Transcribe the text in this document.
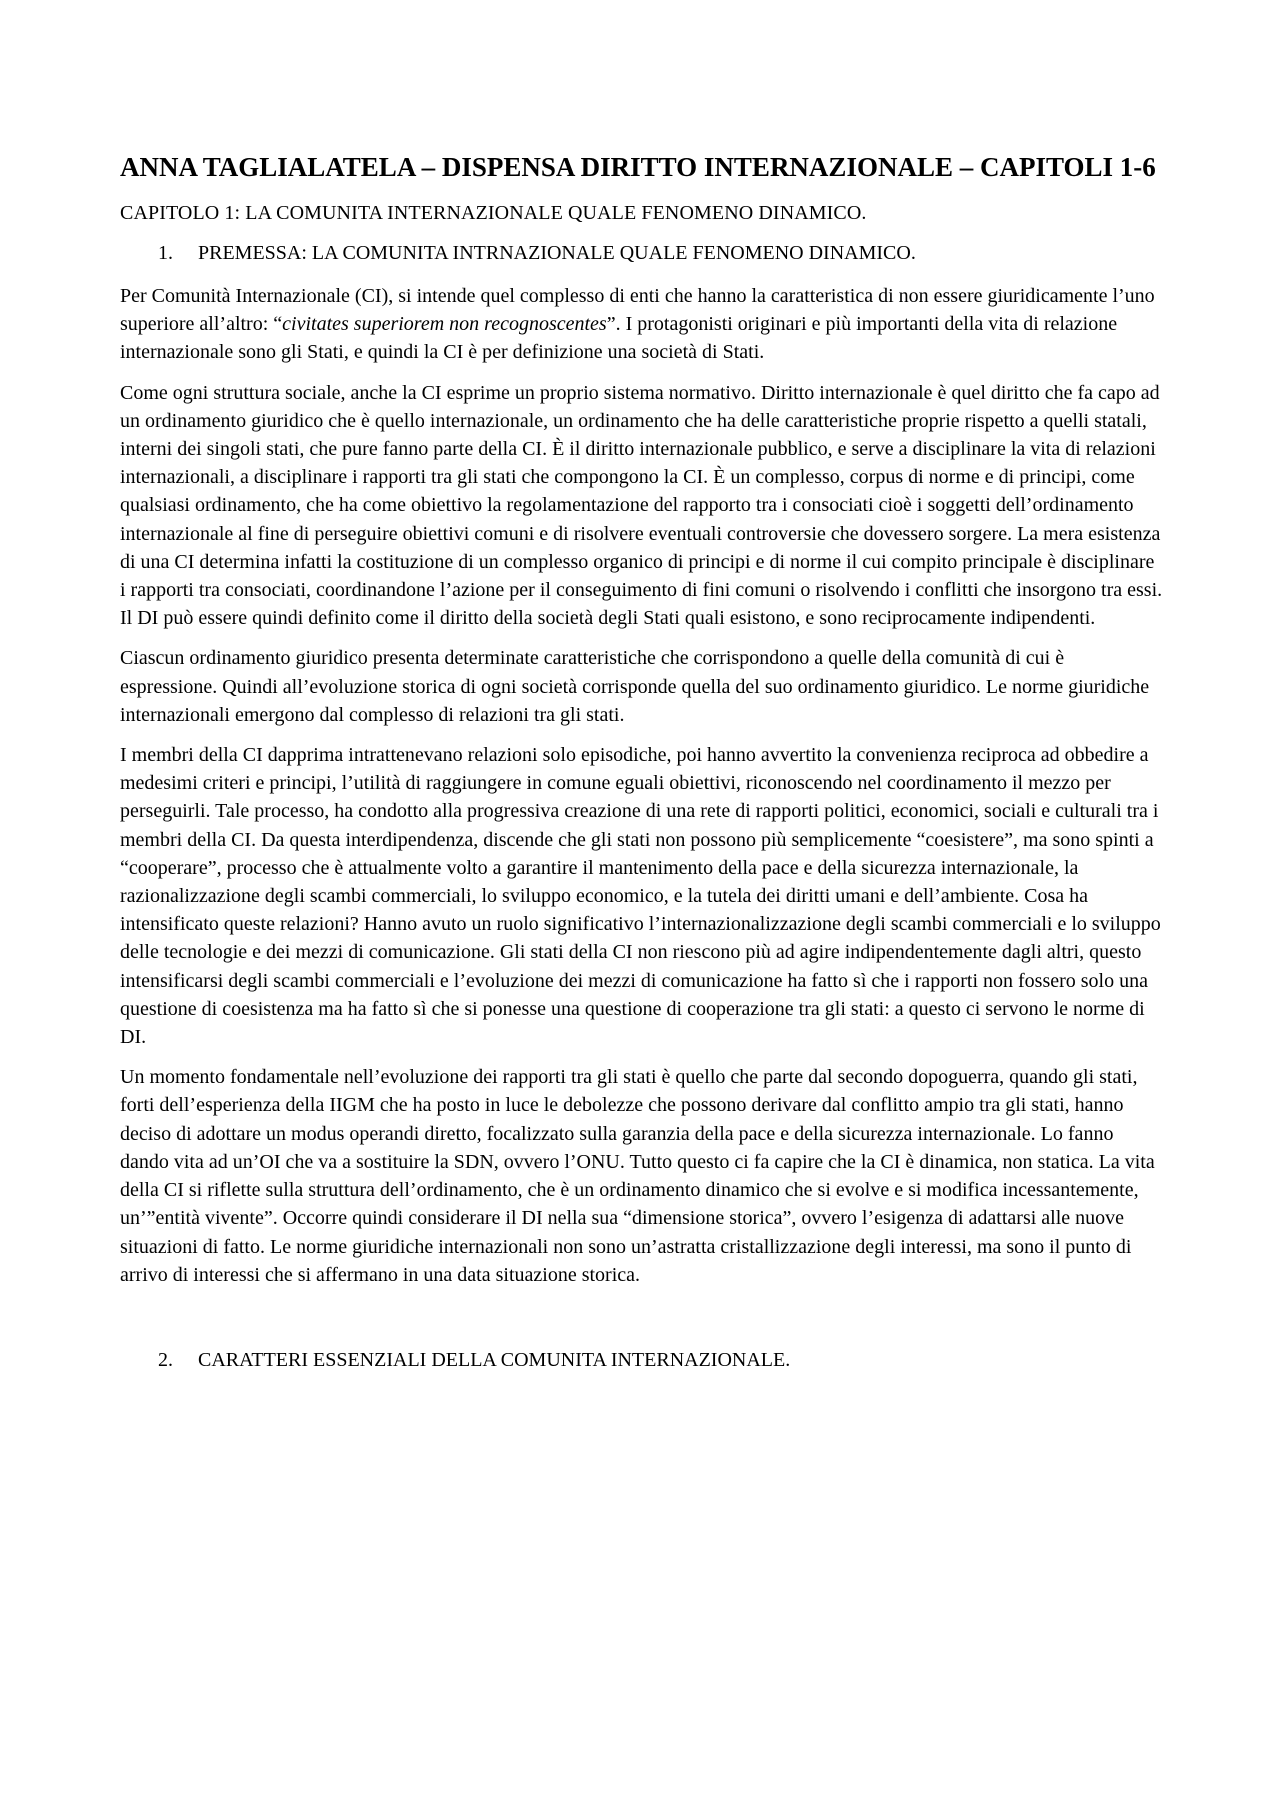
ANNA TAGLIALATELA – DISPENSA DIRITTO INTERNAZIONALE – CAPITOLI 1-6
CAPITOLO 1: LA COMUNITA INTERNAZIONALE QUALE FENOMENO DINAMICO.
1.	PREMESSA: LA COMUNITA INTRNAZIONALE QUALE FENOMENO DINAMICO.

Per Comunità Internazionale (CI), si intende quel complesso di enti che hanno la caratteristica di non essere giuridicamente l’uno superiore all’altro: “civitates superiorem non recognoscentes”. I protagonisti originari e più importanti della vita di relazione internazionale sono gli Stati, e quindi la CI è per definizione una società di Stati.

Come ogni struttura sociale, anche la CI esprime un proprio sistema normativo. Diritto internazionale è quel diritto che fa capo ad un ordinamento giuridico che è quello internazionale, un ordinamento che ha delle caratteristiche proprie rispetto a quelli statali, interni dei singoli stati, che pure fanno parte della CI. È il diritto internazionale pubblico, e serve a disciplinare la vita di relazioni internazionali, a disciplinare i rapporti tra gli stati che compongono la CI. È un complesso, corpus di norme e di principi, come qualsiasi ordinamento, che ha come obiettivo la regolamentazione del rapporto tra i consociati cioè i soggetti dell’ordinamento internazionale al fine di perseguire obiettivi comuni e di risolvere eventuali controversie che dovessero sorgere. La mera esistenza di una CI determina infatti la costituzione di un complesso organico di principi e di norme il cui compito principale è disciplinare i rapporti tra consociati, coordinandone l’azione per il conseguimento di fini comuni o risolvendo i conflitti che insorgono tra essi. Il DI può essere quindi definito come il diritto della società degli Stati quali esistono, e sono reciprocamente indipendenti.

Ciascun ordinamento giuridico presenta determinate caratteristiche che corrispondono a quelle della comunità di cui è espressione. Quindi all’evoluzione storica di ogni società corrisponde quella del suo ordinamento giuridico. Le norme giuridiche internazionali emergono dal complesso di relazioni tra gli stati.

I membri della CI dapprima intrattenevano relazioni solo episodiche, poi hanno avvertito la convenienza reciproca ad obbedire a medesimi criteri e principi, l’utilità di raggiungere in comune eguali obiettivi, riconoscendo nel coordinamento il mezzo per perseguirli. Tale processo, ha condotto alla progressiva creazione di una rete di rapporti politici, economici, sociali e culturali tra i membri della CI. Da questa interdipendenza, discende che gli stati non possono più semplicemente “coesistere”, ma sono spinti a “cooperare”, processo che è attualmente volto a garantire il mantenimento della pace e della sicurezza internazionale, la razionalizzazione degli scambi commerciali, lo sviluppo economico, e la tutela dei diritti umani e dell’ambiente. Cosa ha intensificato queste relazioni? Hanno avuto un ruolo significativo l’internazionalizzazione degli scambi commerciali e lo sviluppo delle tecnologie e dei mezzi di comunicazione. Gli stati della CI non riescono più ad agire indipendentemente dagli altri, questo intensificarsi degli scambi commerciali e l’evoluzione dei mezzi di comunicazione ha fatto sì che i rapporti non fossero solo una questione di coesistenza ma ha fatto sì che si ponesse una questione di cooperazione tra gli stati: a questo ci servono le norme di DI.

Un momento fondamentale nell’evoluzione dei rapporti tra gli stati è quello che parte dal secondo dopoguerra, quando gli stati, forti dell’esperienza della IIGM che ha posto in luce le debolezze che possono derivare dal conflitto ampio tra gli stati, hanno deciso di adottare un modus operandi diretto, focalizzato sulla garanzia della pace e della sicurezza internazionale. Lo fanno dando vita ad un’OI che va a sostituire la SDN, ovvero l’ONU. Tutto questo ci fa capire che la CI è dinamica, non statica. La vita della CI si riflette sulla struttura dell’ordinamento, che è un ordinamento dinamico che si evolve e si modifica incessantemente, un’”entità vivente”. Occorre quindi considerare il DI nella sua “dimensione storica”, ovvero l’esigenza di adattarsi alle nuove situazioni di fatto. Le norme giuridiche internazionali non sono un’astratta cristallizzazione degli interessi, ma sono il punto di arrivo di interessi che si affermano in una data situazione storica.

2.	CARATTERI ESSENZIALI DELLA COMUNITA INTERNAZIONALE.
